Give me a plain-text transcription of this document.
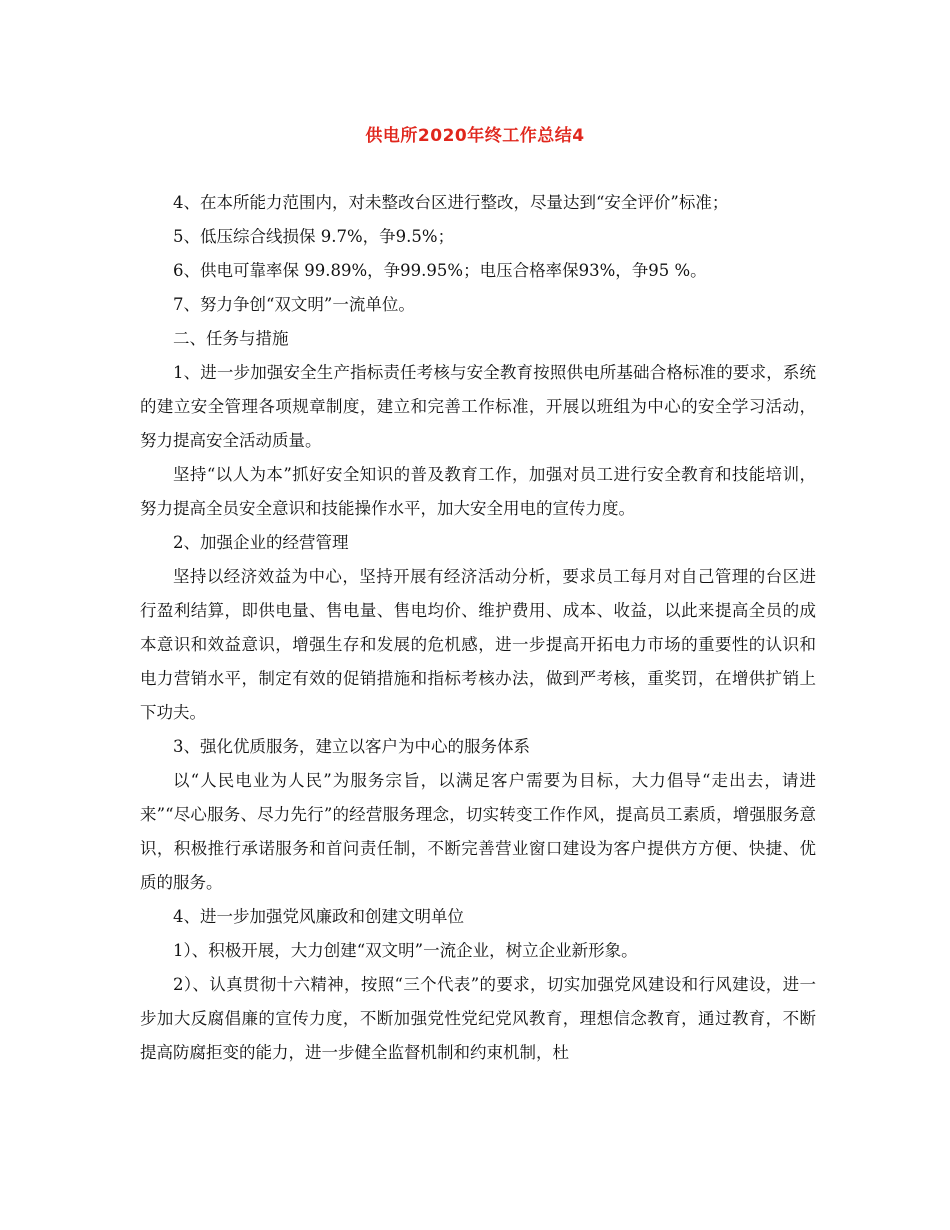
供电所2020年终工作总结4

4、在本所能力范围内，对未整改台区进行整改，尽量达到“安全评价”标准；

5、低压综合线损保 9.7%，争9.5%；

6、供电可靠率保 99.89%，争99.95%；电压合格率保93%，争95 %。

7、努力争创“双文明”一流单位。

二、任务与措施

1、进一步加强安全生产指标责任考核与安全教育按照供电所基础合格标准的要求，系统的建立安全管理各项规章制度，建立和完善工作标准，开展以班组为中心的安全学习活动，努力提高安全活动质量。

坚持“以人为本”抓好安全知识的普及教育工作，加强对员工进行安全教育和技能培训，努力提高全员安全意识和技能操作水平，加大安全用电的宣传力度。

2、加强企业的经营管理

坚持以经济效益为中心，坚持开展有经济活动分析，要求员工每月对自己管理的台区进行盈利结算，即供电量、售电量、售电均价、维护费用、成本、收益，以此来提高全员的成本意识和效益意识，增强生存和发展的危机感，进一步提高开拓电力市场的重要性的认识和电力营销水平，制定有效的促销措施和指标考核办法，做到严考核，重奖罚，在增供扩销上下功夫。

3、强化优质服务，建立以客户为中心的服务体系

以“人民电业为人民”为服务宗旨，以满足客户需要为目标，大力倡导“走出去，请进来”“尽心服务、尽力先行”的经营服务理念，切实转变工作作风，提高员工素质，增强服务意识，积极推行承诺服务和首问责任制，不断完善营业窗口建设为客户提供方方便、快捷、优质的服务。

4、进一步加强党风廉政和创建文明单位

1）、积极开展，大力创建“双文明”一流企业，树立企业新形象。

2）、认真贯彻十六精神，按照“三个代表”的要求，切实加强党风建设和行风建设，进一步加大反腐倡廉的宣传力度，不断加强党性党纪党风教育，理想信念教育，通过教育，不断提高防腐拒变的能力，进一步健全监督机制和约束机制，杜
